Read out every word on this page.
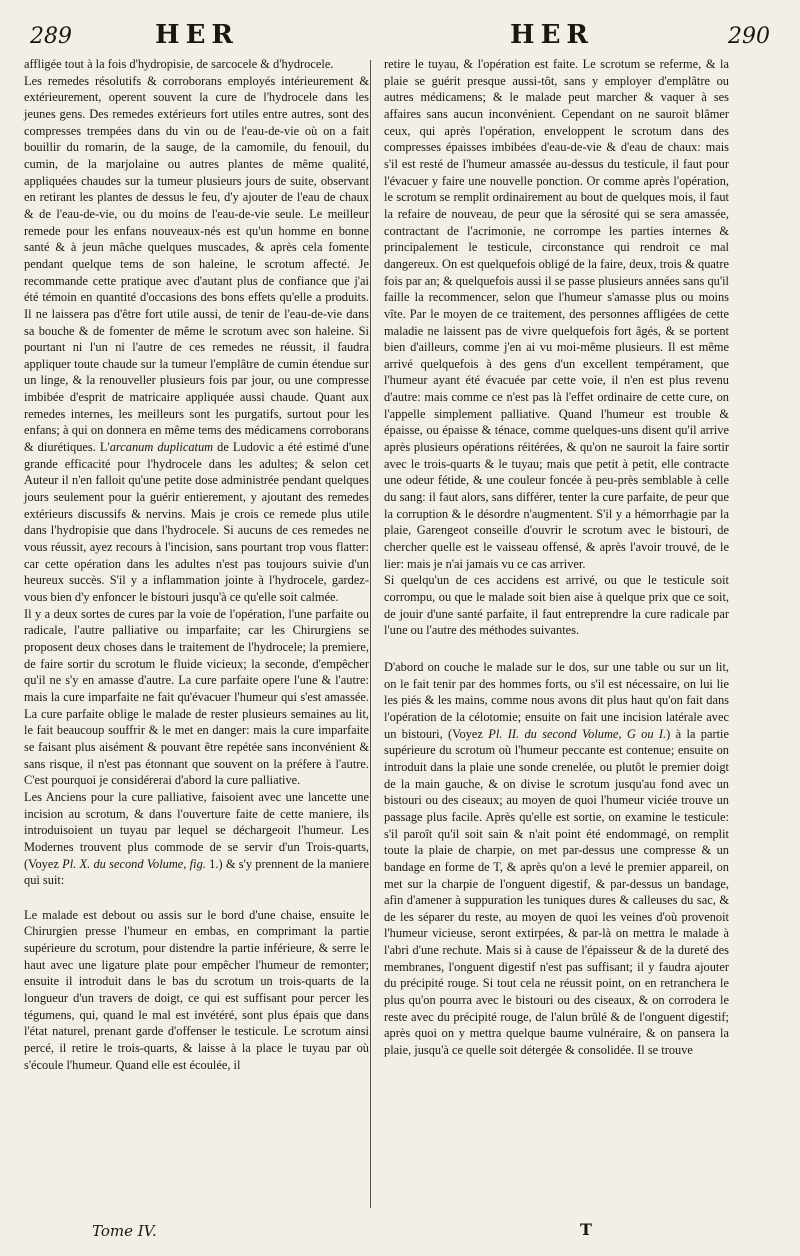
289	HER	HER	290

affligée tout à la fois d'hydropisie, de sarcocele & d'hydrocele.

Les remedes résolutifs & corroborans employés intérieurement & extérieurement, operent souvent la cure de l'hydrocele dans les jeunes gens. Des remedes extérieurs fort utiles entre autres, sont des compresses trempées dans du vin ou de l'eau-de-vie où on a fait bouillir du romarin, de la sauge, de la camomile, du fenouil, du cumin, de la marjolaine ou autres plantes de même qualité, appliquées chaudes sur la tumeur plusieurs jours de suite, observant en retirant les plantes de dessus le feu, d'y ajouter de l'eau de chaux & de l'eau-de-vie, ou du moins de l'eau-de-vie seule. Le meilleur remede pour les enfans nouveaux-nés est qu'un homme en bonne santé & à jeun mâche quelques muscades, & après cela fomente pendant quelque tems de son haleine, le scrotum affecté. Je recommande cette pratique avec d'autant plus de confiance que j'ai été témoin en quantité d'occasions des bons effets qu'elle a produits. Il ne laissera pas d'être fort utile aussi, de tenir de l'eau-de-vie dans sa bouche & de fomenter de même le scrotum avec son haleine. Si pourtant ni l'un ni l'autre de ces remedes ne réussit, il faudra appliquer toute chaude sur la tumeur l'emplâtre de cumin étendue sur un linge, & la renouveller plusieurs fois par jour, ou une compresse imbibée d'esprit de matricaire appliquée aussi chaude. Quant aux remedes internes, les meilleurs sont les purgatifs, surtout pour les enfans; à qui on donnera en même tems des médicamens corroborans & diurétiques. L'arcanum duplicatum de Ludovic a été estimé d'une grande efficacité pour l'hydrocele dans les adultes; & selon cet Auteur il n'en falloit qu'une petite dose administrée pendant quelques jours seulement pour la guérir entierement, y ajoutant des remedes extérieurs discussifs & nervins. Mais je crois ce remede plus utile dans l'hydropisie que dans l'hydrocele. Si aucuns de ces remedes ne vous réussit, ayez recours à l'incision, sans pourtant trop vous flatter: car cette opération dans les adultes n'est pas toujours suivie d'un heureux succès. S'il y a inflammation jointe à l'hydrocele, gardez-vous bien d'y enfoncer le bistouri jusqu'à ce qu'elle soit calmée.

Il y a deux sortes de cures par la voie de l'opération, l'une parfaite ou radicale, l'autre palliative ou imparfaite; car les Chirurgiens se proposent deux choses dans le traitement de l'hydrocele; la premiere, de faire sortir du scrotum le fluide vicieux; la seconde, d'empêcher qu'il ne s'y en amasse d'autre. La cure parfaite opere l'une & l'autre: mais la cure imparfaite ne fait qu'évacuer l'humeur qui s'est amassée. La cure parfaite oblige le malade de rester plusieurs semaines au lit, le fait beaucoup souffrir & le met en danger: mais la cure imparfaite se faisant plus aisément & pouvant être repétée sans inconvénient & sans risque, il n'est pas étonnant que souvent on la préfere à l'autre. C'est pourquoi je considérerai d'abord la cure palliative.

Les Anciens pour la cure palliative, faisoient avec une lancette une incision au scrotum, & dans l'ouverture faite de cette maniere, ils introduisoient un tuyau par lequel se déchargeoit l'humeur. Les Modernes trouvent plus commode de se servir d'un Trois-quarts, (Voyez Pl. X. du second Volume, fig. 1.) & s'y prennent de la maniere qui suit:

Le malade est debout ou assis sur le bord d'une chaise, ensuite le Chirurgien presse l'humeur en embas, en comprimant la partie supérieure du scrotum, pour distendre la partie inférieure, & serre le haut avec une ligature plate pour empêcher l'humeur de remonter; ensuite il introduit dans le bas du scrotum un trois-quarts de la longueur d'un travers de doigt, ce qui est suffisant pour percer les tégumens, qui, quand le mal est invétéré, sont plus épais que dans l'état naturel, prenant garde d'offenser le testicule. Le scrotum ainsi percé, il retire le trois-quarts, & laisse à la place le tuyau par où s'écoule l'humeur. Quand elle est écoulée, il

retire le tuyau, & l'opération est faite. Le scrotum se referme, & la plaie se guérit presque aussi-tôt, sans y employer d'emplâtre ou autres médicamens; & le malade peut marcher & vaquer à ses affaires sans aucun inconvénient. Cependant on ne sauroit blâmer ceux, qui après l'opération, enveloppent le scrotum dans des compresses épaisses imbibées d'eau-de-vie & d'eau de chaux: mais s'il est resté de l'humeur amassée au-dessus du testicule, il faut pour l'évacuer y faire une nouvelle ponction. Or comme après l'opération, le scrotum se remplit ordinairement au bout de quelques mois, il faut la refaire de nouveau, de peur que la sérosité qui se sera amassée, contractant de l'acrimonie, ne corrompe les parties internes & principalement le testicule, circonstance qui rendroit ce mal dangereux. On est quelquefois obligé de la faire, deux, trois & quatre fois par an; & quelquefois aussi il se passe plusieurs années sans qu'il faille la recommencer, selon que l'humeur s'amasse plus ou moins vîte. Par le moyen de ce traitement, des personnes affligées de cette maladie ne laissent pas de vivre quelquefois fort âgés, & se portent bien d'ailleurs, comme j'en ai vu moi-même plusieurs. Il est même arrivé quelquefois à des gens d'un excellent tempérament, que l'humeur ayant été évacuée par cette voie, il n'en est plus revenu d'autre: mais comme ce n'est pas là l'effet ordinaire de cette cure, on l'appelle simplement palliative. Quand l'humeur est trouble & épaisse, ou épaisse & ténace, comme quelques-uns disent qu'il arrive après plusieurs opérations réitérées, & qu'on ne sauroit la faire sortir avec le trois-quarts & le tuyau; mais que petit à petit, elle contracte une odeur fétide, & une couleur foncée à peu-près semblable à celle du sang: il faut alors, sans différer, tenter la cure parfaite, de peur que la corruption & le désordre n'augmentent. S'il y a hémorrhagie par la plaie, Garengeot conseille d'ouvrir le scrotum avec le bistouri, de chercher quelle est le vaisseau offensé, & après l'avoir trouvé, de le lier: mais je n'ai jamais vu ce cas arriver.

Si quelqu'un de ces accidens est arrivé, ou que le testicule soit corrompu, ou que le malade soit bien aise à quelque prix que ce soit, de jouir d'une santé parfaite, il faut entreprendre la cure radicale par l'une ou l'autre des méthodes suivantes.

D'abord on couche le malade sur le dos, sur une table ou sur un lit, on le fait tenir par des hommes forts, ou s'il est nécessaire, on lui lie les piés & les mains, comme nous avons dit plus haut qu'on fait dans l'opération de la célotomie; ensuite on fait une incision latérale avec un bistouri, (Voyez Pl. II. du second Volume, G ou I.) à la partie supérieure du scrotum où l'humeur peccante est contenue; ensuite on introduit dans la plaie une sonde crenelée, ou plutôt le premier doigt de la main gauche, & on divise le scrotum jusqu'au fond avec un bistouri ou des ciseaux; au moyen de quoi l'humeur viciée trouve un passage plus facile. Après qu'elle est sortie, on examine le testicule: s'il paroît qu'il soit sain & n'ait point été endommagé, on remplit toute la plaie de charpie, on met par-dessus une compresse & un bandage en forme de T, & après qu'on a levé le premier appareil, on met sur la charpie de l'onguent digestif, & par-dessus un bandage, afin d'amener à suppuration les tuniques dures & calleuses du sac, & de les séparer du reste, au moyen de quoi les veines d'où provenoit l'humeur vicieuse, seront extirpées, & par-là on mettra le malade à l'abri d'une rechute. Mais si à cause de l'épaisseur & de la dureté des membranes, l'onguent digestif n'est pas suffisant; il y faudra ajouter du précipité rouge. Si tout cela ne réussit point, on en retranchera le plus qu'on pourra avec le bistouri ou des ciseaux, & on corrodera le reste avec du précipité rouge, de l'alun brûlé & de l'onguent digestif; après quoi on y mettra quelque baume vulnéraire, & on pansera la plaie, jusqu'à ce quelle soit détergée & consolidée. Il se trouve

Tome IV.	T
